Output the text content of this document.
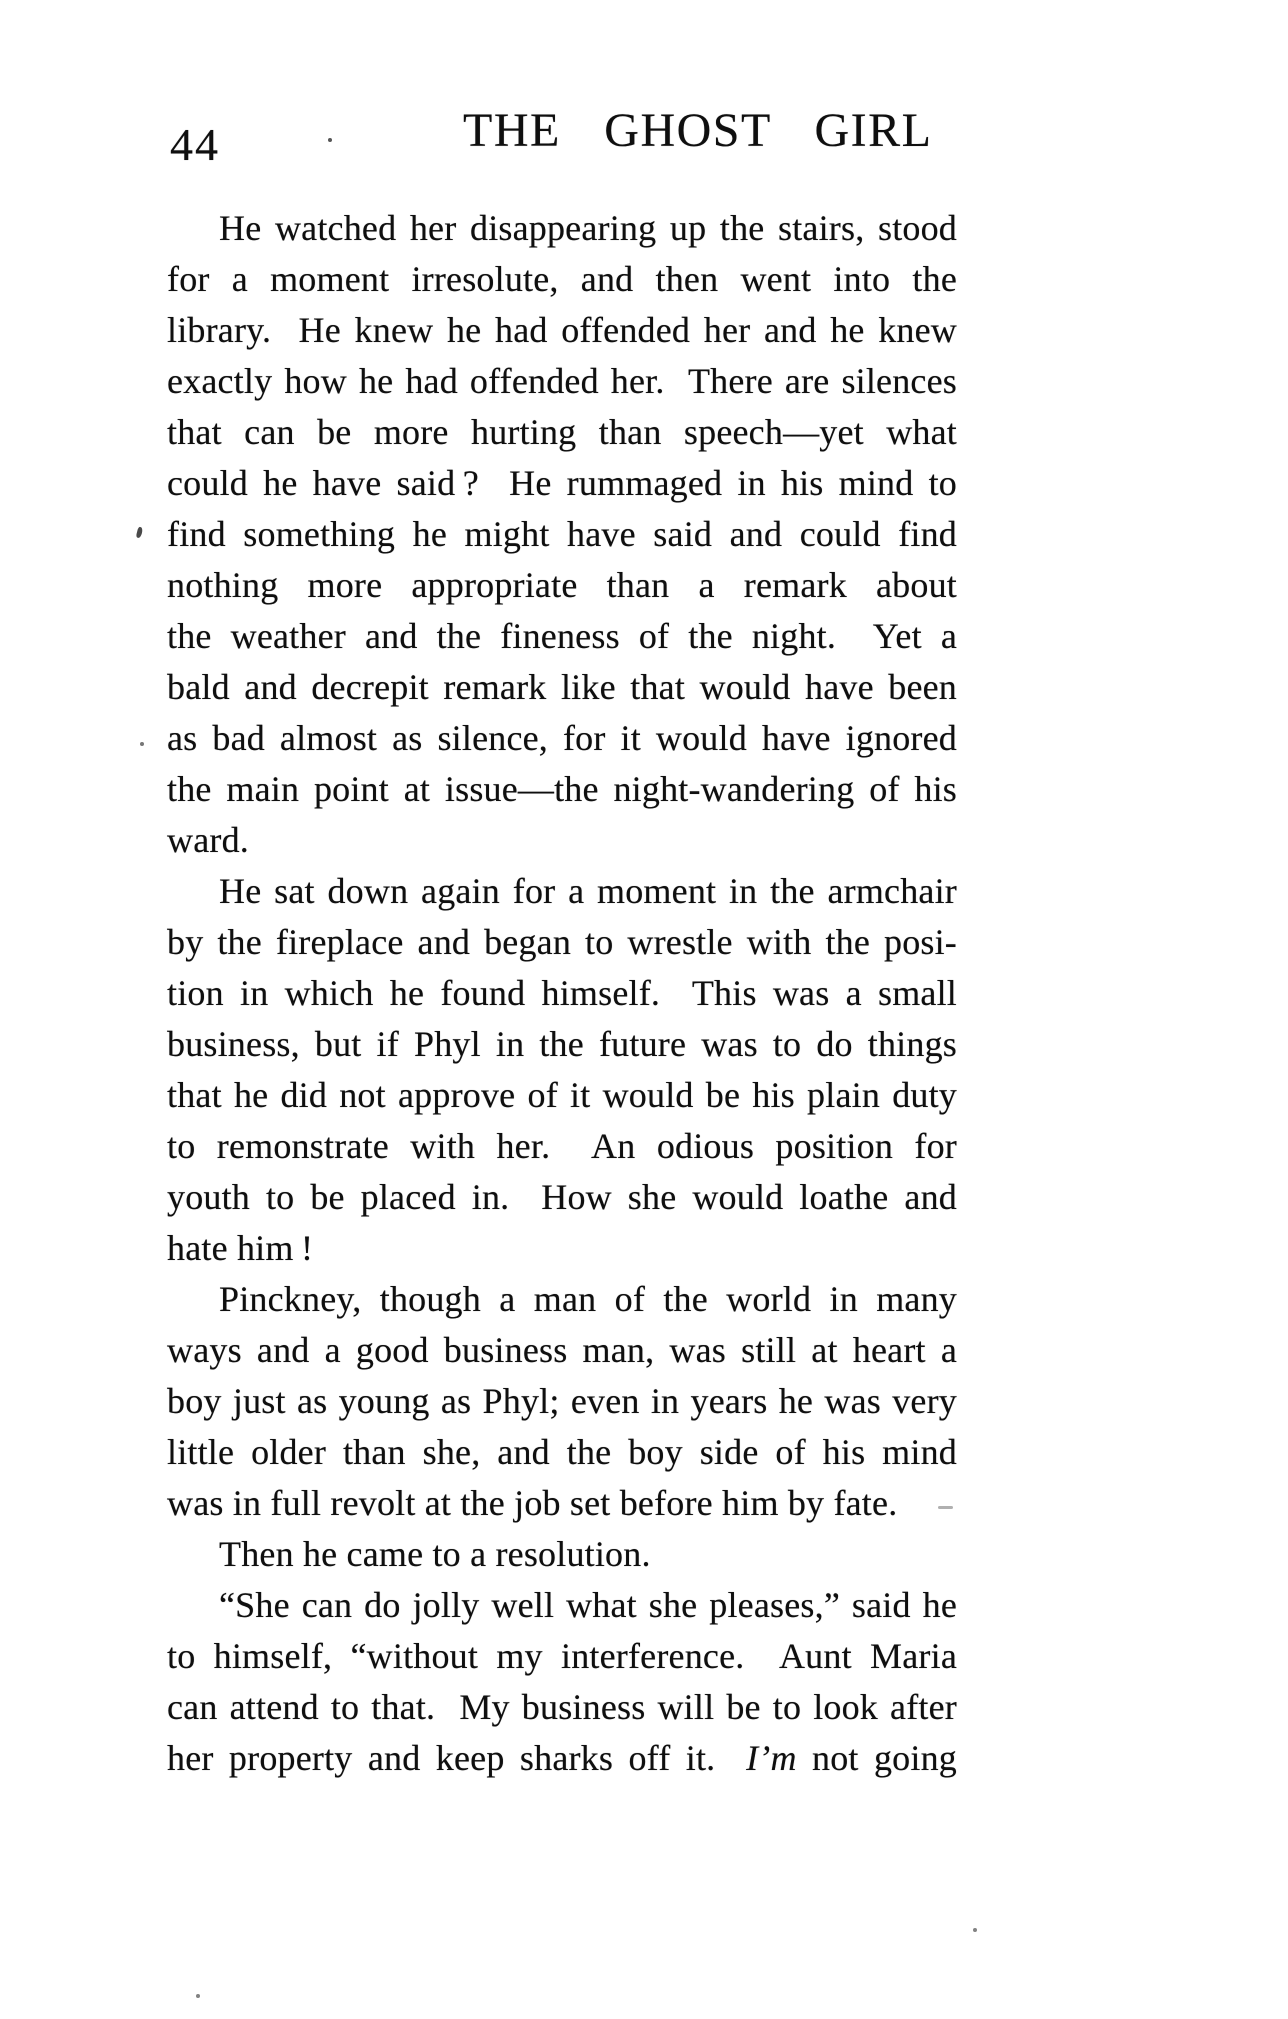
44	THE GHOST GIRL
He watched her disappearing up the stairs, stood
for a moment irresolute, and then went into the
library.  He knew he had offended her and he knew
exactly how he had offended her.  There are silences
that can be more hurting than speech—yet what
could he have said ?  He rummaged in his mind to
find something he might have said and could find
nothing more appropriate than a remark about
the weather and the fineness of the night.  Yet a
bald and decrepit remark like that would have been
as bad almost as silence, for it would have ignored
the main point at issue—the night-wandering of his
ward.
He sat down again for a moment in the armchair
by the fireplace and began to wrestle with the posi-
tion in which he found himself.  This was a small
business, but if Phyl in the future was to do things
that he did not approve of it would be his plain duty
to remonstrate with her.  An odious position for
youth to be placed in.  How she would loathe and
hate him !
Pinckney, though a man of the world in many
ways and a good business man, was still at heart a
boy just as young as Phyl; even in years he was very
little older than she, and the boy side of his mind
was in full revolt at the job set before him by fate.
Then he came to a resolution.
“She can do jolly well what she pleases,” said he
to himself, “without my interference.  Aunt Maria
can attend to that.  My business will be to look after
her property and keep sharks off it.  I’m not going
